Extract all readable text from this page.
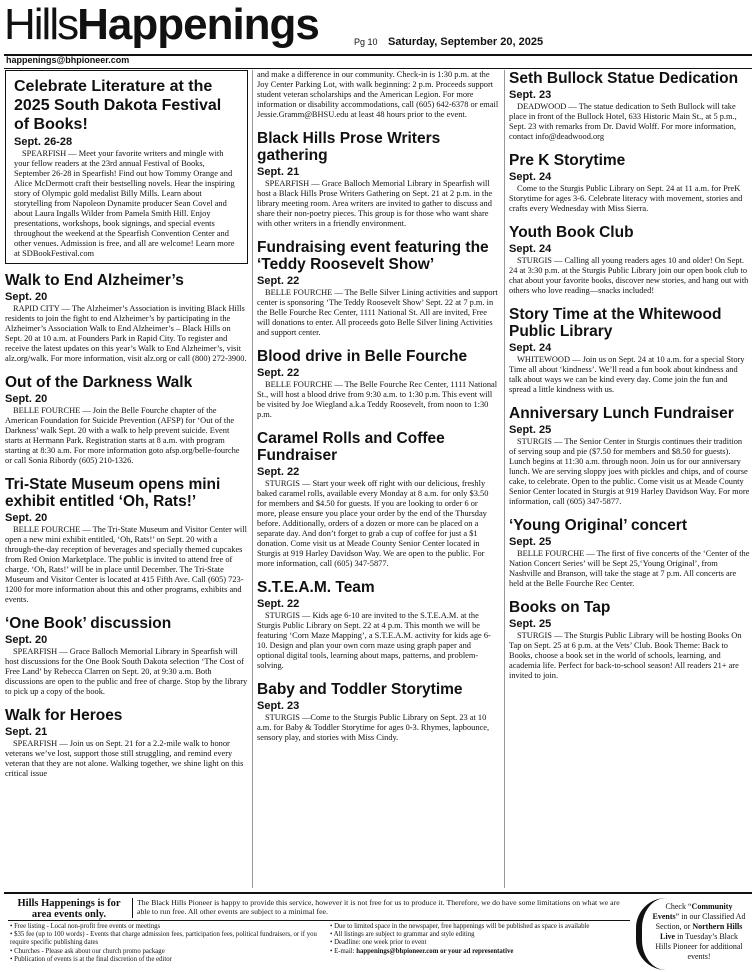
HillsHappenings	Pg 10 Saturday, September 20, 2025
happenings@bhpioneer.com
Celebrate Literature at the 2025 South Dakota Festival of Books!
Sept. 26-28

SPEARFISH — Meet your favorite writers and mingle with your fellow readers at the 23rd annual Festival of Books, September 26-28 in Spearfish! Find out how Tommy Orange and Alice McDermott craft their bestselling novels. Hear the inspiring story of Olympic gold medalist Billy Mills. Learn about storytelling from Napoleon Dynamite producer Sean Covel and about Laura Ingalls Wilder from Pamela Smith Hill. Enjoy presentations, workshops, book signings, and special events throughout the weekend at the Spearfish Convention Center and other venues. Admission is free, and all are welcome! Learn more at SDBookFestival.com

Walk to End Alzheimer’s
Sept. 20

RAPID CITY — The Alzheimer’s Association is inviting Black Hills residents to join the fight to end Alzheimer’s by participating in the Alzheimer’s Association Walk to End Alzheimer’s – Black Hills on Sept. 20 at 10 a.m. at Founders Park in Rapid City. To register and receive the latest updates on this year’s Walk to End Alzheimer’s, visit alz.org/walk. For more information, visit alz.org or call (800) 272-3900.

Out of the Darkness Walk
Sept. 20

BELLE FOURCHE — Join the Belle Fourche chapter of the American Foundation for Suicide Prevention (AFSP) for ‘Out of the Darkness’ walk Sept. 20 with a walk to help prevent suicide. Event starts at Hermann Park. Registration starts at 8 a.m. with program starting at 8:30 a.m. For more information goto afsp.org/belle-fourche or call Sonia Ribordy (605) 210-1326.

Tri-State Museum opens mini exhibit entitled ‘Oh, Rats!’
Sept. 20

BELLE FOURCHE — The Tri-State Museum and Visitor Center will open a new mini exhibit entitled, ‘Oh, Rats!’ on Sept. 20 with a through-the-day reception of beverages and specially themed cupcakes from Red Onion Marketplace. The public is invited to attend free of charge. ‘Oh, Rats!’ will be in place until December. The Tri-State Museum and Visitor Center is located at 415 Fifth Ave. Call (605) 723-1200 for more information about this and other programs, exhibits and events.

‘One Book’ discussion
Sept. 20

SPEARFISH — Grace Balloch Memorial Library in Spearfish will host discussions for the One Book South Dakota selection ‘The Cost of Free Land’ by Rebecca Clarren on Sept. 20, at 9:30 a.m. Both discussions are open to the public and free of charge. Stop by the library to pick up a copy of the book.

Walk for Heroes
Sept. 21

SPEARFISH — Join us on Sept. 21 for a 2.2-mile walk to honor veterans we’ve lost, support those still struggling, and remind every veteran that they are not alone. Walking together, we shine light on this critical issue

and make a difference in our community. Check-in is 1:30 p.m. at the Joy Center Parking Lot, with walk beginning: 2 p.m. Proceeds support student veteran scholarships and the American Legion. For more information or disability accommodations, call (605) 642-6378 or email Jessie.Gramm@BHSU.edu at least 48 hours prior to the event.

Black Hills Prose Writers gathering
Sept. 21

SPEARFISH — Grace Balloch Memorial Library in Spearfish will host a Black Hills Prose Writers Gathering on Sept. 21 at 2 p.m. in the library meeting room. Area writers are invited to gather to discuss and share their non-poetry pieces. This group is for those who want share with other writers in a friendly environment.

Fundraising event featuring the ‘Teddy Roosevelt Show’
Sept. 22

BELLE FOURCHE — The Belle Silver Lining activities and support center is sponsoring ‘The Teddy Roosevelt Show’ Sept. 22 at 7 p.m. in the Belle Fourche Rec Center, 1111 National St. All are invited, Free will donations to enter. All proceeds goto Belle Silver lining Activities and support center.

Blood drive in Belle Fourche
Sept. 22

BELLE FOURCHE — The Belle Fourche Rec Center, 1111 National St., will host a blood drive from 9:30 a.m. to 1:30 p.m. This event will be visited by Joe Wiegland a.k.a Teddy Roosevelt, from noon to 1:30 p.m.

Caramel Rolls and Coffee Fundraiser
Sept. 22

STURGIS — Start your week off right with our delicious, freshly baked caramel rolls, available every Monday at 8 a.m. for only $3.50 for members and $4.50 for guests. If you are looking to order 6 or more, please ensure you place your order by the end of the Thursday before. Additionally, orders of a dozen or more can be placed on a separate day. And don’t forget to grab a cup of coffee for just a $1 donation. Come visit us at Meade County Senior Center located in Sturgis at 919 Harley Davidson Way. We are open to the public. For more information, call (605) 347-5877.

S.T.E.A.M. Team
Sept. 22

STURGIS — Kids age 6-10 are invited to the S.T.E.A.M. at the Sturgis Public Library on Sept. 22 at 4 p.m. This month we will be featuring ‘Corn Maze Mapping’, a S.T.E.A.M. activity for kids age 6-10. Design and plan your own corn maze using graph paper and optional digital tools, learning about maps, patterns, and problem-solving.

Baby and Toddler Storytime
Sept. 23

STURGIS —Come to the Sturgis Public Library on Sept. 23 at 10 a.m. for Baby & Toddler Storytime for ages 0-3. Rhymes, lapbounce, sensory play, and stories with Miss Cindy.

Seth Bullock Statue Dedication
Sept. 23

DEADWOOD — The statue dedication to Seth Bullock will take place in front of the Bullock Hotel, 633 Historic Main St., at 5 p.m., Sept. 23 with remarks from Dr. David Wolff. For more information, contact info@deadwood.org

Pre K Storytime
Sept. 24

Come to the Sturgis Public Library on Sept. 24 at 11 a.m. for PreK Storytime for ages 3-6. Celebrate literacy with movement, stories and crafts every Wednesday with Miss Sierra.

Youth Book Club
Sept. 24

STURGIS — Calling all young readers ages 10 and older! On Sept. 24 at 3:30 p.m. at the Sturgis Public Library join our open book club to chat about your favorite books, discover new stories, and hang out with others who love reading—snacks included!

Story Time at the Whitewood Public Library
Sept. 24

WHITEWOOD — Join us on Sept. 24 at 10 a.m. for a special Story Time all about ‘kindness’. We’ll read a fun book about kindness and talk about ways we can be kind every day. Come join the fun and spread a little kindness with us.

Anniversary Lunch Fundraiser
Sept. 25

STURGIS — The Senior Center in Sturgis continues their tradition of serving soup and pie ($7.50 for members and $8.50 for guests). Lunch begins at 11:30 a.m. through noon. Join us for our anniversary lunch. We are serving sloppy joes with pickles and chips, and of course cake, to celebrate. Open to the public. Come visit us at Meade County Senior Center located in Sturgis at 919 Harley Davidson Way. For more information, call (605) 347-5877.

‘Young Original’ concert
Sept. 25

BELLE FOURCHE — The first of five concerts of the ‘Center of the Nation Concert Series’ will be Sept 25,‘Young Original’, from Nashville and Branson, will take the stage at 7 p.m. All concerts are held at the Belle Fourche Rec Center.

Books on Tap
Sept. 25

STURGIS — The Sturgis Public Library will be hosting Books On Tap on Sept. 25 at 6 p.m. at the Vets’ Club. Book Theme: Back to Books, choose a book set in the world of schools, learning, and academia life. Perfect for back-to-school season! All readers 21+ are invited to join.

Hills Happenings is for area events only.
The Black Hills Pioneer is happy to provide this service, however it is not free for us to produce it. Therefore, we do have some limitations on what we are able to run free. All other events are subject to a minimal fee.
• Free listing - Local non-profit free events or meetings
• $35 fee (up to 100 words) - Events that charge admission fees, participation fees, political fundraisers, or if you require specific publishing dates
• Churches - Please ask about our church promo package
• Publication of events is at the final discretion of the editor
• Due to limited space in the newspaper, free happenings will be published as space is available
• All listings are subject to grammar and style editing
• Deadline: one week prior to event
• E-mail: happenings@bhpioneer.com or your ad representative
Check “Community Events” in our Classified Ad Section, or Northern Hills Live in Tuesday’s Black Hills Pioneer for additional events!
